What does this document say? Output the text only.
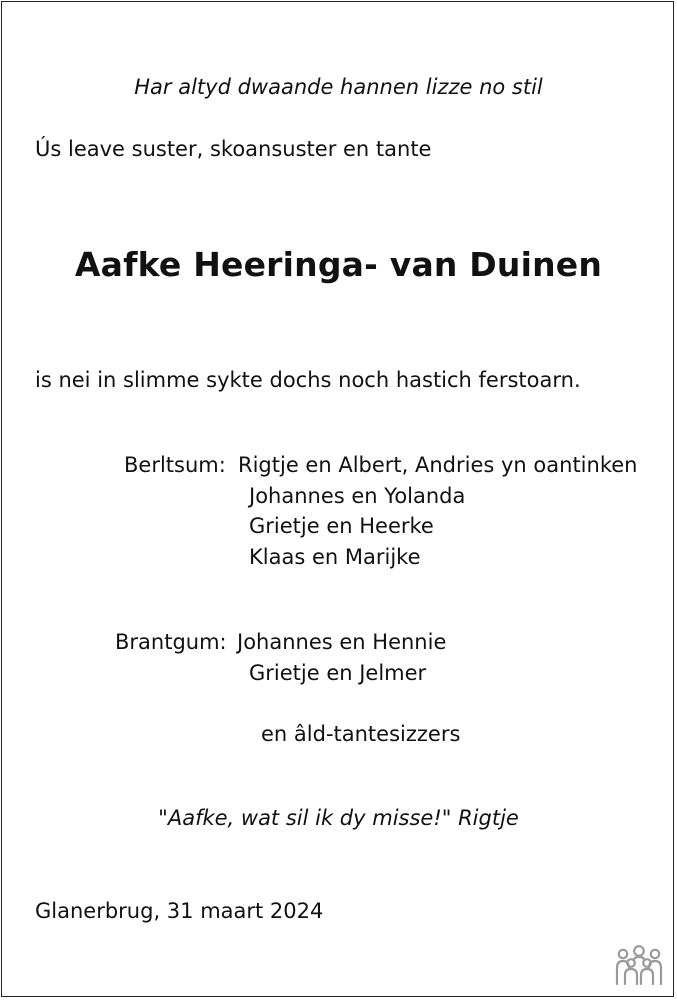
Har altyd dwaande hannen lizze no stil
Ús leave suster, skoansuster en tante
Aafke Heeringa- van Duinen
is nei in slimme sykte dochs noch hastich ferstoarn.
Berltsum: Rigtje en Albert, Andries yn oantinken
Johannes en Yolanda
Grietje en Heerke
Klaas en Marijke
Brantgum: Johannes en Hennie
Grietje en Jelmer
en âld-tantesizzers
"Aafke, wat sil ik dy misse!" Rigtje
Glanerbrug, 31 maart 2024
